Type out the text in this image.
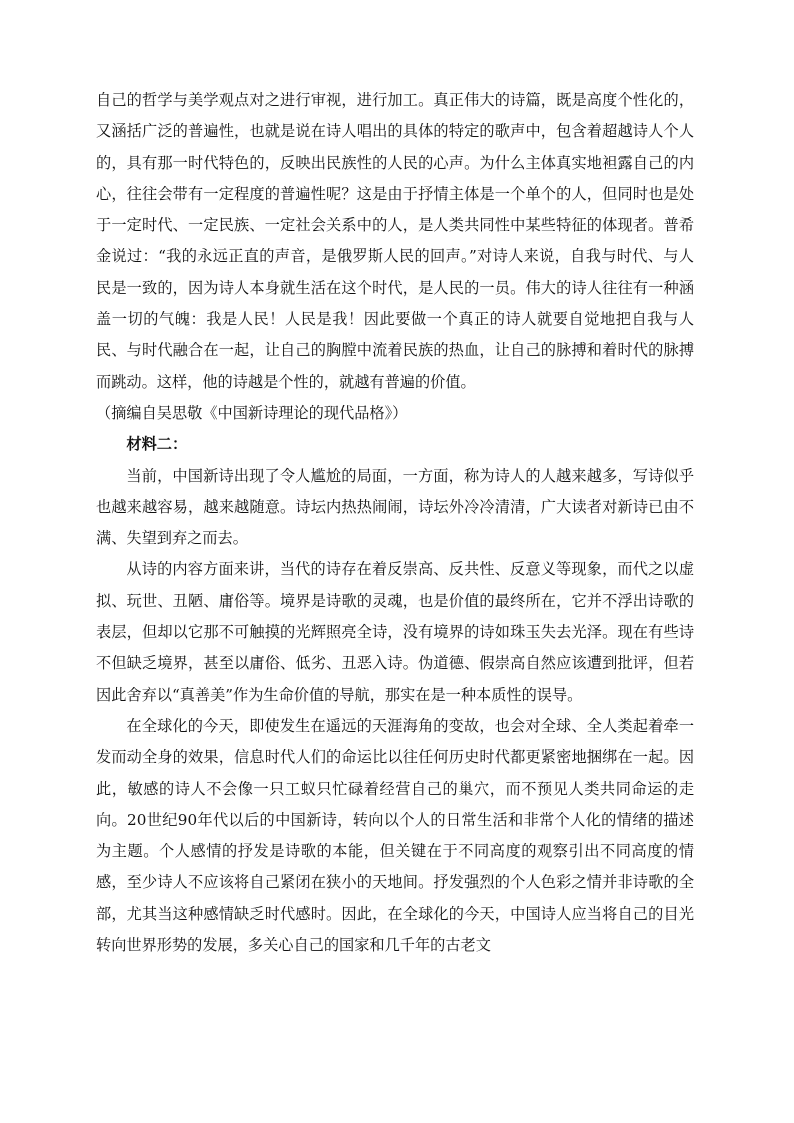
自己的哲学与美学观点对之进行审视，进行加工。真正伟大的诗篇，既是高度个性化的，又涵括广泛的普遍性，也就是说在诗人唱出的具体的特定的歌声中，包含着超越诗人个人的，具有那一时代特色的，反映出民族性的人民的心声。为什么主体真实地袒露自己的内心，往往会带有一定程度的普遍性呢？这是由于抒情主体是一个单个的人，但同时也是处于一定时代、一定民族、一定社会关系中的人，是人类共同性中某些特征的体现者。普希金说过：“我的永远正直的声音，是俄罗斯人民的回声。”对诗人来说，自我与时代、与人民是一致的，因为诗人本身就生活在这个时代，是人民的一员。伟大的诗人往往有一种涵盖一切的气魄：我是人民！人民是我！因此要做一个真正的诗人就要自觉地把自我与人民、与时代融合在一起，让自己的胸膛中流着民族的热血，让自己的脉搏和着时代的脉搏而跳动。这样，他的诗越是个性的，就越有普遍的价值。

（摘编自吴思敬《中国新诗理论的现代品格》）

材料二：

当前，中国新诗出现了令人尴尬的局面，一方面，称为诗人的人越来越多，写诗似乎也越来越容易，越来越随意。诗坛内热热闹闹，诗坛外冷冷清清，广大读者对新诗已由不满、失望到弃之而去。

从诗的内容方面来讲，当代的诗存在着反崇高、反共性、反意义等现象，而代之以虚拟、玩世、丑陋、庸俗等。境界是诗歌的灵魂，也是价值的最终所在，它并不浮出诗歌的表层，但却以它那不可触摸的光辉照亮全诗，没有境界的诗如珠玉失去光泽。现在有些诗不但缺乏境界，甚至以庸俗、低劣、丑恶入诗。伪道德、假崇高自然应该遭到批评，但若因此舍弃以“真善美”作为生命价值的导航，那实在是一种本质性的误导。

在全球化的今天，即使发生在遥远的天涯海角的变故，也会对全球、全人类起着牵一发而动全身的效果，信息时代人们的命运比以往任何历史时代都更紧密地捆绑在一起。因此，敏感的诗人不会像一只工蚁只忙碌着经营自己的巢穴，而不预见人类共同命运的走向。20世纪90年代以后的中国新诗，转向以个人的日常生活和非常个人化的情绪的描述为主题。个人感情的抒发是诗歌的本能，但关键在于不同高度的观察引出不同高度的情感，至少诗人不应该将自己紧闭在狭小的天地间。抒发强烈的个人色彩之情并非诗歌的全部，尤其当这种感情缺乏时代感时。因此，在全球化的今天，中国诗人应当将自己的目光转向世界形势的发展，多关心自己的国家和几千年的古老文
